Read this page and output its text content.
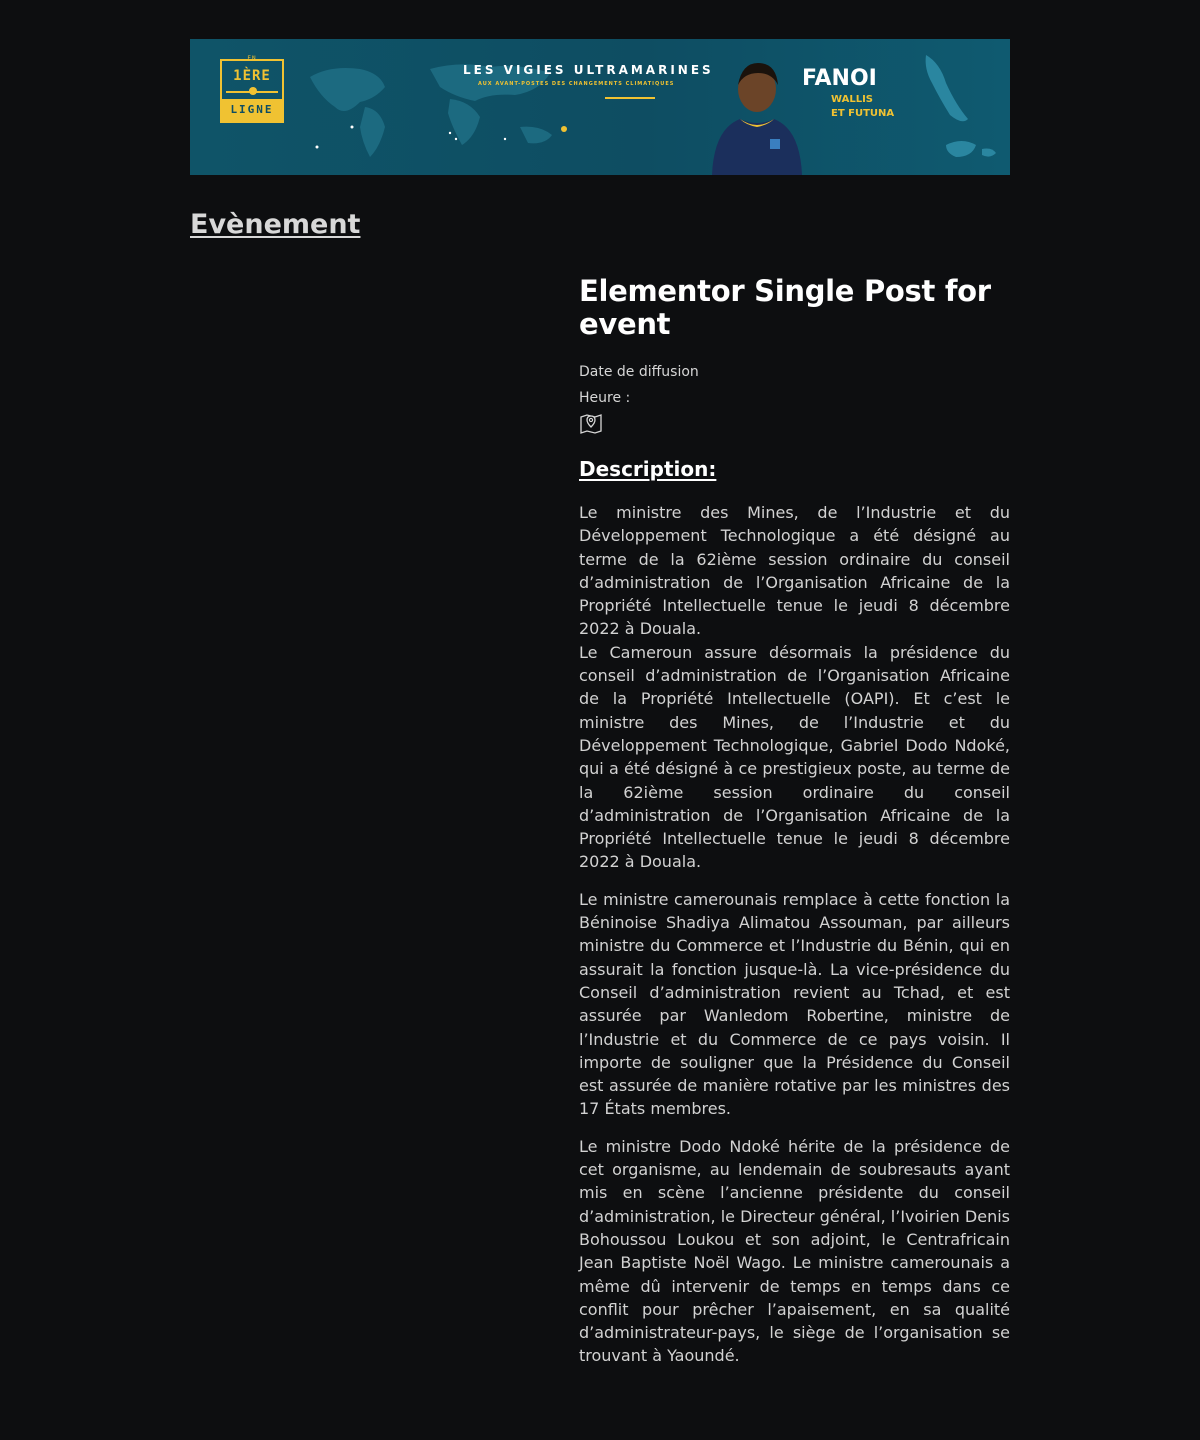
EN
1ÈRE
LIGNE
LES VIGIES ULTRAMARINES
AUX AVANT-POSTES DES CHANGEMENTS CLIMATIQUES	FANOI
WALLIS
ET FUTUNA
Evènement
Elementor Single Post for event
Date de diffusion
Heure :
Description:

Le ministre des Mines, de l’Industrie et du Développement Technologique a été désigné au terme de la 62ième session ordinaire du conseil d’administration de l’Organisation Africaine de la Propriété Intellectuelle tenue le jeudi 8 décembre 2022 à Douala.

Le Cameroun assure désormais la présidence du conseil d’administration de l’Organisation Africaine de la Propriété Intellectuelle (OAPI). Et c’est le ministre des Mines, de l’Industrie et du Développement Technologique, Gabriel Dodo Ndoké, qui a été désigné à ce prestigieux poste, au terme de la 62ième session ordinaire du conseil d’administration de l’Organisation Africaine de la Propriété Intellectuelle tenue le jeudi 8 décembre 2022 à Douala.

Le ministre camerounais remplace à cette fonction la Béninoise Shadiya Alimatou Assouman, par ailleurs ministre du Commerce et l’Industrie du Bénin, qui en assurait la fonction jusque-là. La vice-présidence du Conseil d’administration revient au Tchad, et est assurée par Wanledom Robertine, ministre de l’Industrie et du Commerce de ce pays voisin. Il importe de souligner que la Présidence du Conseil est assurée de manière rotative par les ministres des 17 États membres.

Le ministre Dodo Ndoké hérite de la présidence de cet organisme, au lendemain de soubresauts ayant mis en scène l’ancienne présidente du conseil d’administration, le Directeur général, l’Ivoirien Denis Bohoussou Loukou et son adjoint, le Centrafricain Jean Baptiste Noël Wago. Le ministre camerounais a même dû intervenir de temps en temps dans ce conflit pour prêcher l’apaisement, en sa qualité d’administrateur-pays, le siège de l’organisation se trouvant à Yaoundé.
